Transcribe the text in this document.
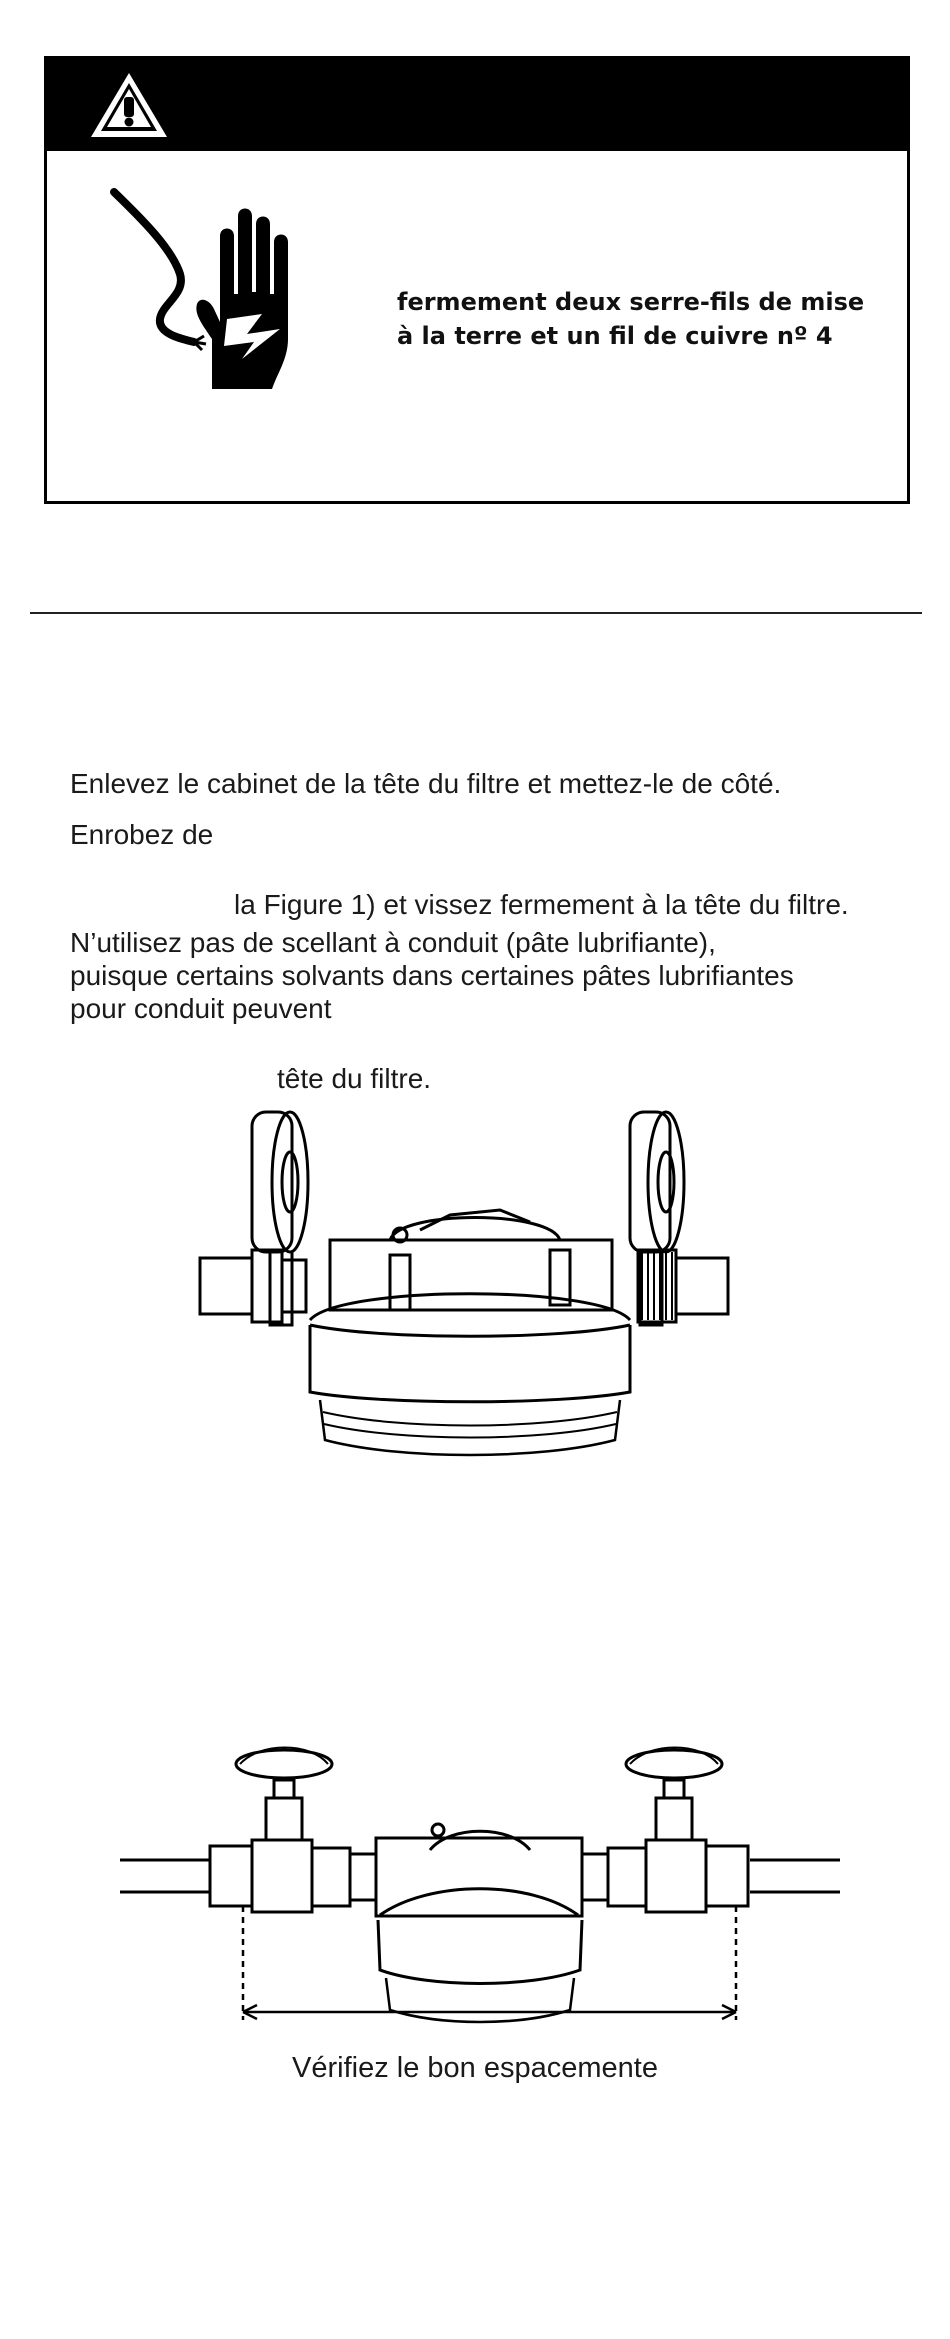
fermement deux serre-fils de mise
à la terre et un fil de cuivre nº 4

Enlevez le cabinet de la tête du filtre et mettez-le de côté.

Enrobez de

la Figure 1) et vissez fermement à la tête du filtre.

N’utilisez pas de scellant à conduit (pâte lubrifiante),

puisque certains solvants dans certaines pâtes lubrifiantes

pour conduit peuvent

tête du filtre.

Vérifiez le bon espacemente
